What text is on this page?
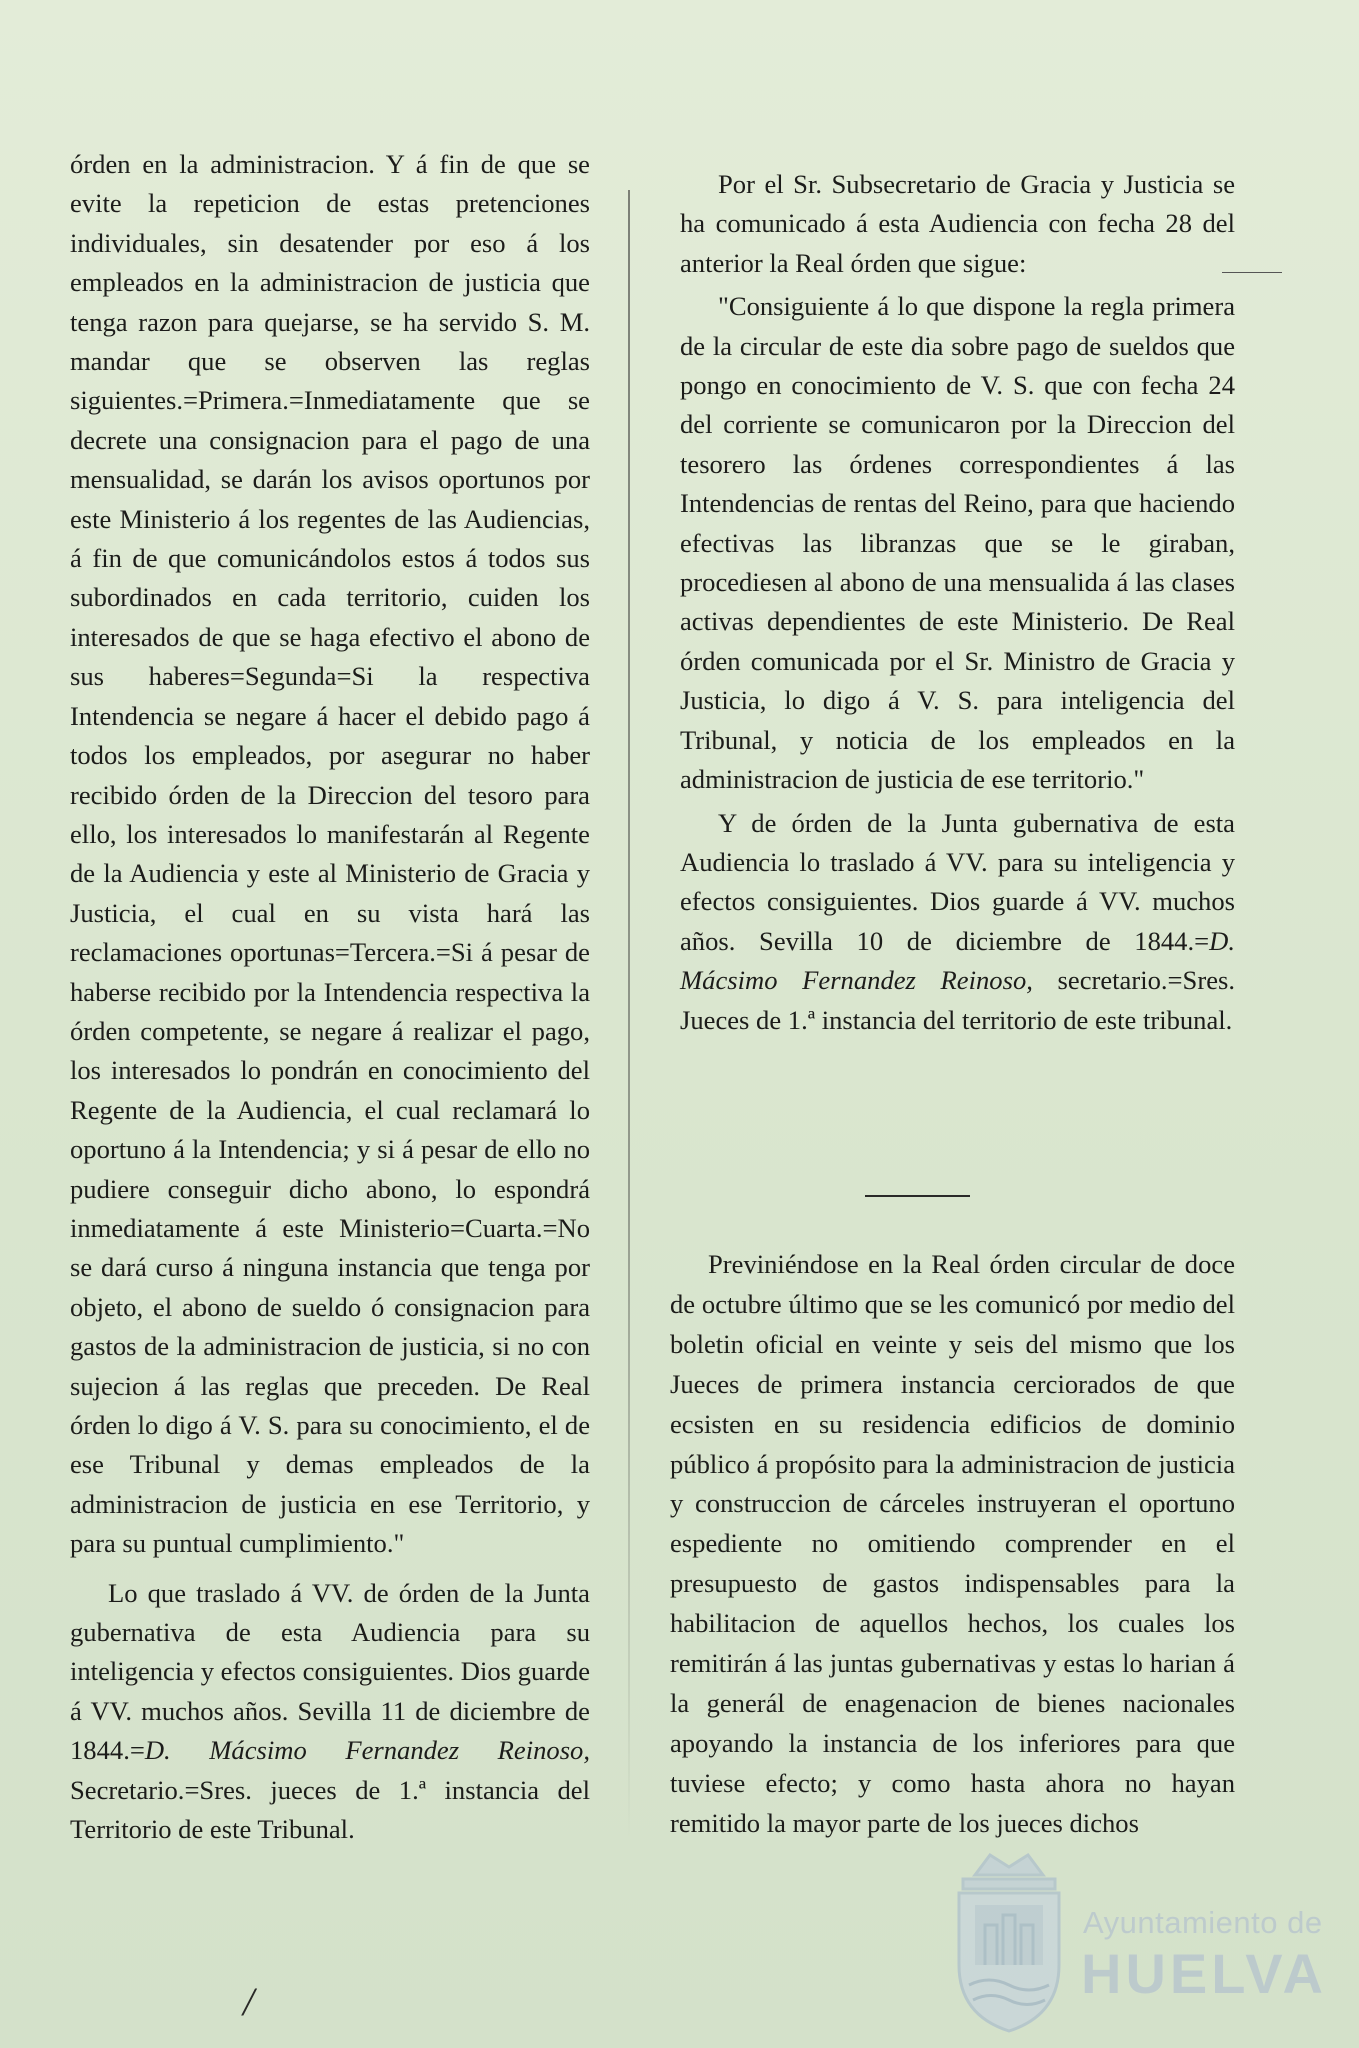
órden en la administracion. Y á fin de que se evite la repeticion de estas pretenciones individuales, sin desatender por eso á los empleados en la administracion de justicia que tenga razon para quejarse, se ha servido S. M. mandar que se observen las reglas siguientes.=Primera.=Inmediatamente que se decrete una consignacion para el pago de una mensualidad, se darán los avisos oportunos por este Ministerio á los regentes de las Audiencias, á fin de que comunicándolos estos á todos sus subordinados en cada territorio, cuiden los interesados de que se haga efectivo el abono de sus haberes=Segunda=Si la respectiva Intendencia se negare á hacer el debido pago á todos los empleados, por asegurar no haber recibido órden de la Direccion del tesoro para ello, los interesados lo manifestarán al Regente de la Audiencia y este al Ministerio de Gracia y Justicia, el cual en su vista hará las reclamaciones oportunas=Tercera.=Si á pesar de haberse recibido por la Intendencia respectiva la órden competente, se negare á realizar el pago, los interesados lo pondrán en conocimiento del Regente de la Audiencia, el cual reclamará lo oportuno á la Intendencia; y si á pesar de ello no pudiere conseguir dicho abono, lo espondrá inmediatamente á este Ministerio=Cuarta.=No se dará curso á ninguna instancia que tenga por objeto, el abono de sueldo ó consignacion para gastos de la administracion de justicia, si no con sujecion á las reglas que preceden. De Real órden lo digo á V. S. para su conocimiento, el de ese Tribunal y demas empleados de la administracion de justicia en ese Territorio, y para su puntual cumplimiento."

Lo que traslado á VV. de órden de la Junta gubernativa de esta Audiencia para su inteligencia y efectos consiguientes. Dios guarde á VV. muchos años. Sevilla 11 de diciembre de 1844.=D. Mácsimo Fernandez Reinoso, Secretario.=Sres. jueces de 1.ª instancia del Territorio de este Tribunal.

Por el Sr. Subsecretario de Gracia y Justicia se ha comunicado á esta Audiencia con fecha 28 del anterior la Real órden que sigue:

"Consiguiente á lo que dispone la regla primera de la circular de este dia sobre pago de sueldos que pongo en conocimiento de V. S. que con fecha 24 del corriente se comunicaron por la Direccion del tesorero las órdenes correspondientes á las Intendencias de rentas del Reino, para que haciendo efectivas las libranzas que se le giraban, procediesen al abono de una mensualida á las clases activas dependientes de este Ministerio. De Real órden comunicada por el Sr. Ministro de Gracia y Justicia, lo digo á V. S. para inteligencia del Tribunal, y noticia de los empleados en la administracion de justicia de ese territorio."

Y de órden de la Junta gubernativa de esta Audiencia lo traslado á VV. para su inteligencia y efectos consiguientes. Dios guarde á VV. muchos años. Sevilla 10 de diciembre de 1844.=D. Mácsimo Fernandez Reinoso, secretario.=Sres. Jueces de 1.ª instancia del territorio de este tribunal.

Previniéndose en la Real órden circular de doce de octubre último que se les comunicó por medio del boletin oficial en veinte y seis del mismo que los Jueces de primera instancia cerciorados de que ecsisten en su residencia edificios de dominio público á propósito para la administracion de justicia y construccion de cárceles instruyeran el oportuno espediente no omitiendo comprender en el presupuesto de gastos indispensables para la habilitacion de aquellos hechos, los cuales los remitirán á las juntas gubernativas y estas lo harian á la generál de enagenacion de bienes nacionales apoyando la instancia de los inferiores para que tuviese efecto; y como hasta ahora no hayan remitido la mayor parte de los jueces dichos

/
Ayuntamiento de
HUELVA
